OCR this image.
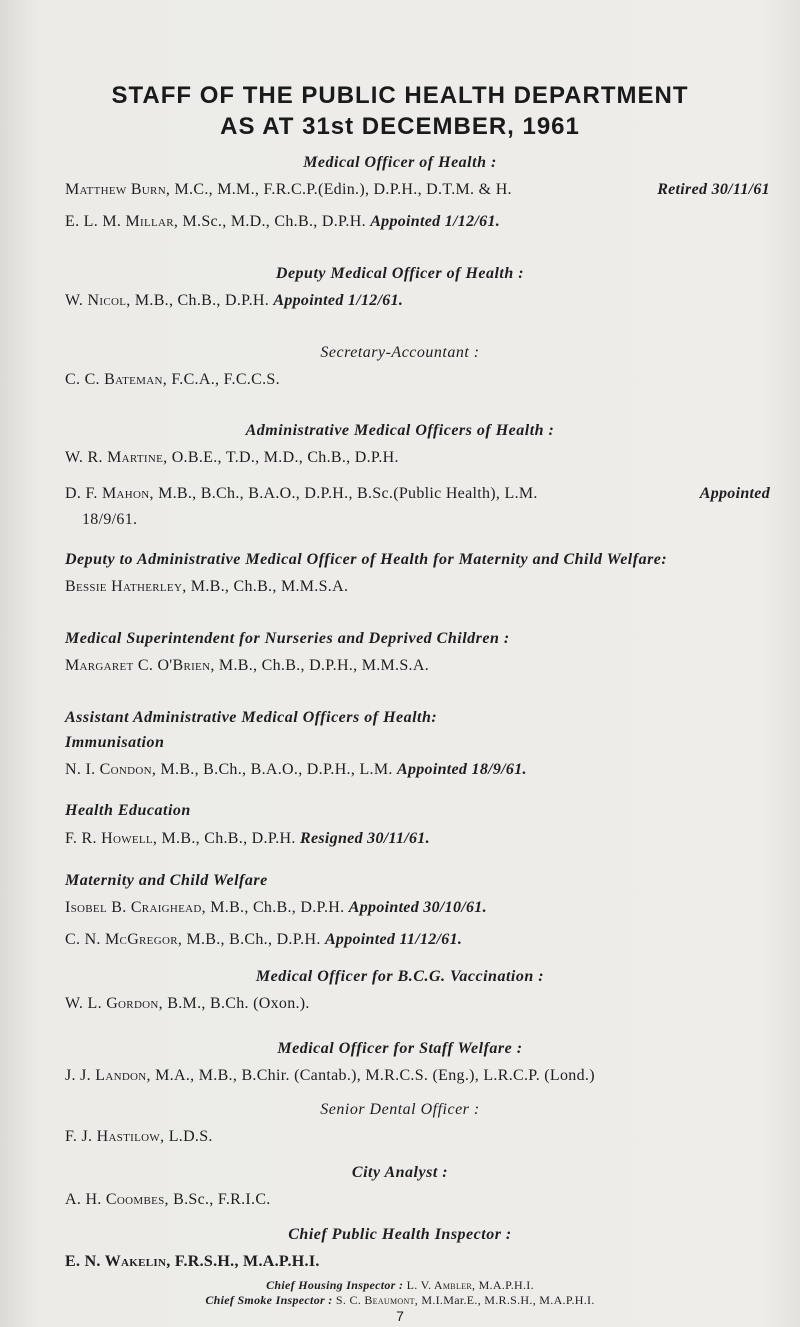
STAFF OF THE PUBLIC HEALTH DEPARTMENT
AS AT 31st DECEMBER, 1961
Medical Officer of Health :
Matthew Burn, M.C., M.M., F.R.C.P.(Edin.), D.P.H., D.T.M. & H.	Retired 30/11/61
E. L. M. Millar, M.Sc., M.D., Ch.B., D.P.H. Appointed 1/12/61.
Deputy Medical Officer of Health :
W. Nicol, M.B., Ch.B., D.P.H. Appointed 1/12/61.
Secretary-Accountant :
C. C. Bateman, F.C.A., F.C.C.S.
Administrative Medical Officers of Health :
W. R. Martine, O.B.E., T.D., M.D., Ch.B., D.P.H.
D. F. Mahon, M.B., B.Ch., B.A.O., D.P.H., B.Sc.(Public Health), L.M.	Appointed
18/9/61.
Deputy to Administrative Medical Officer of Health for Maternity and Child Welfare:
Bessie Hatherley, M.B., Ch.B., M.M.S.A.
Medical Superintendent for Nurseries and Deprived Children :
Margaret C. O'Brien, M.B., Ch.B., D.P.H., M.M.S.A.
Assistant Administrative Medical Officers of Health:
Immunisation
N. I. Condon, M.B., B.Ch., B.A.O., D.P.H., L.M. Appointed 18/9/61.
Health Education
F. R. Howell, M.B., Ch.B., D.P.H. Resigned 30/11/61.
Maternity and Child Welfare
Isobel B. Craighead, M.B., Ch.B., D.P.H. Appointed 30/10/61.
C. N. McGregor, M.B., B.Ch., D.P.H. Appointed 11/12/61.
Medical Officer for B.C.G. Vaccination :
W. L. Gordon, B.M., B.Ch. (Oxon.).
Medical Officer for Staff Welfare :
J. J. Landon, M.A., M.B., B.Chir. (Cantab.), M.R.C.S. (Eng.), L.R.C.P. (Lond.)
Senior Dental Officer :
F. J. Hastilow, L.D.S.
City Analyst :
A. H. Coombes, B.Sc., F.R.I.C.
Chief Public Health Inspector :
E. N. Wakelin, F.R.S.H., M.A.P.H.I.
Chief Housing Inspector : L. V. Ambler, M.A.P.H.I.
Chief Smoke Inspector : S. C. Beaumont, M.I.Mar.E., M.R.S.H., M.A.P.H.I.
7
